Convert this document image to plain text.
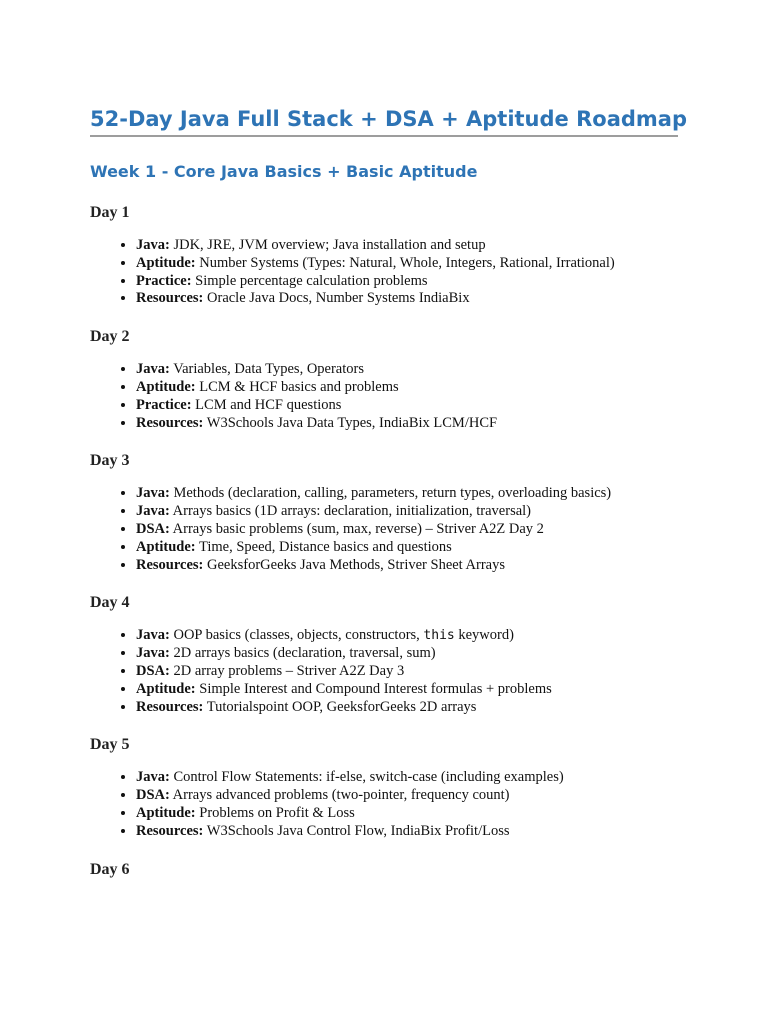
52-Day Java Full Stack + DSA + Aptitude Roadmap
Week 1 - Core Java Basics + Basic Aptitude
Day 1
• Java: JDK, JRE, JVM overview; Java installation and setup
• Aptitude: Number Systems (Types: Natural, Whole, Integers, Rational, Irrational)
• Practice: Simple percentage calculation problems
• Resources: Oracle Java Docs, Number Systems IndiaBix
Day 2
• Java: Variables, Data Types, Operators
• Aptitude: LCM & HCF basics and problems
• Practice: LCM and HCF questions
• Resources: W3Schools Java Data Types, IndiaBix LCM/HCF
Day 3
• Java: Methods (declaration, calling, parameters, return types, overloading basics)
• Java: Arrays basics (1D arrays: declaration, initialization, traversal)
• DSA: Arrays basic problems (sum, max, reverse) – Striver A2Z Day 2
• Aptitude: Time, Speed, Distance basics and questions
• Resources: GeeksforGeeks Java Methods, Striver Sheet Arrays
Day 4
• Java: OOP basics (classes, objects, constructors, this keyword)
• Java: 2D arrays basics (declaration, traversal, sum)
• DSA: 2D array problems – Striver A2Z Day 3
• Aptitude: Simple Interest and Compound Interest formulas + problems
• Resources: Tutorialspoint OOP, GeeksforGeeks 2D arrays
Day 5
• Java: Control Flow Statements: if-else, switch-case (including examples)
• DSA: Arrays advanced problems (two-pointer, frequency count)
• Aptitude: Problems on Profit & Loss
• Resources: W3Schools Java Control Flow, IndiaBix Profit/Loss
Day 6
